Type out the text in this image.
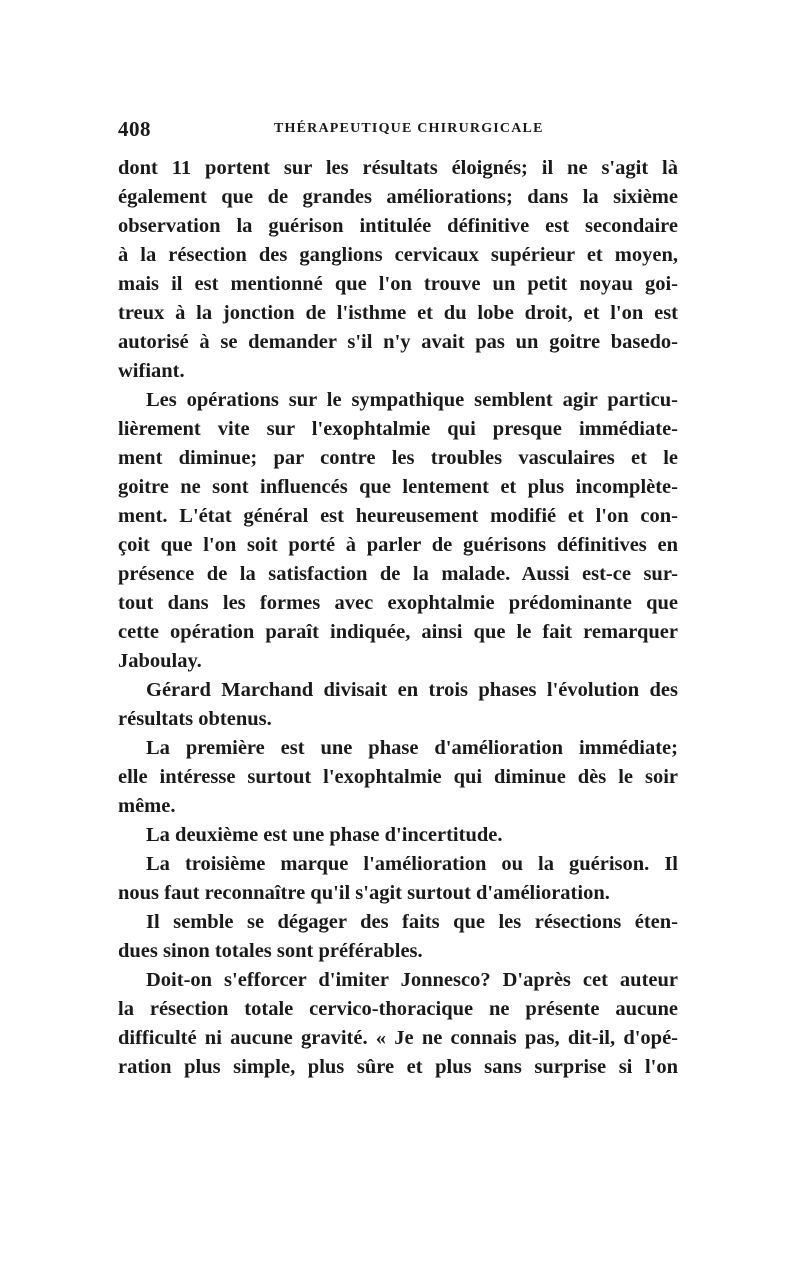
408	THÉRAPEUTIQUE CHIRURGICALE
dont 11 portent sur les résultats éloignés; il ne s'agit là
également que de grandes améliorations; dans la sixième
observation la guérison intitulée définitive est secondaire
à la résection des ganglions cervicaux supérieur et moyen,
mais il est mentionné que l'on trouve un petit noyau goi-
treux à la jonction de l'isthme et du lobe droit, et l'on est
autorisé à se demander s'il n'y avait pas un goitre basedo-
wifiant.
Les opérations sur le sympathique semblent agir particu-
lièrement vite sur l'exophtalmie qui presque immédiate-
ment diminue; par contre les troubles vasculaires et le
goitre ne sont influencés que lentement et plus incomplète-
ment. L'état général est heureusement modifié et l'on con-
çoit que l'on soit porté à parler de guérisons définitives en
présence de la satisfaction de la malade. Aussi est-ce sur-
tout dans les formes avec exophtalmie prédominante que
cette opération paraît indiquée, ainsi que le fait remarquer
Jaboulay.
Gérard Marchand divisait en trois phases l'évolution des
résultats obtenus.
La première est une phase d'amélioration immédiate;
elle intéresse surtout l'exophtalmie qui diminue dès le soir
même.
La deuxième est une phase d'incertitude.
La troisième marque l'amélioration ou la guérison. Il
nous faut reconnaître qu'il s'agit surtout d'amélioration.
Il semble se dégager des faits que les résections éten-
dues sinon totales sont préférables.
Doit-on s'efforcer d'imiter Jonnesco? D'après cet auteur
la résection totale cervico-thoracique ne présente aucune
difficulté ni aucune gravité. « Je ne connais pas, dit-il, d'opé-
ration plus simple, plus sûre et plus sans surprise si l'on
